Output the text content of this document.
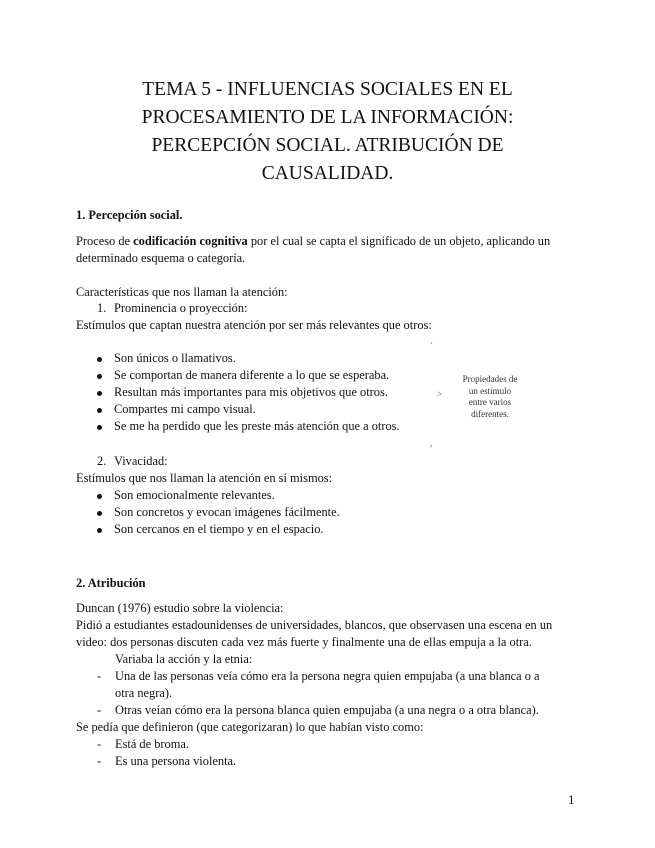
TEMA 5 - INFLUENCIAS SOCIALES EN EL
PROCESAMIENTO DE LA INFORMACIÓN:
PERCEPCIÓN SOCIAL. ATRIBUCIÓN DE
CAUSALIDAD.
1. Percepción social.
Proceso de codificación cognitiva por el cual se capta el significado de un objeto, aplicando un
determinado esquema o categoría.
Características que nos llaman la atención:
1. Prominencia o proyección:
Estímulos que captan nuestra atención por ser más relevantes que otros:
Son únicos o llamativos.
Se comportan de manera diferente a lo que se esperaba.
Resultan más importantes para mis objetivos que otros.
Compartes mi campo visual.
Se me ha perdido que les preste más atención que a otros.
`
>
,
Propiedades de
un estímulo
entre varios
diferentes.
2. Vivacidad:
Estímulos que nos llaman la atención en sí mismos:
Son emocionalmente relevantes.
Son concretos y evocan imágenes fácilmente.
Son cercanos en el tiempo y en el espacio.
2. Atribución
Duncan (1976) estudio sobre la violencia:
Pidió a estudiantes estadounidenses de universidades, blancos, que observasen una escena en un
video: dos personas discuten cada vez más fuerte y finalmente una de ellas empuja a la otra.
Variaba la acción y la etnia:
- Una de las personas veía cómo era la persona negra quien empujaba (a una blanca o a
otra negra).
- Otras veían cómo era la persona blanca quien empujaba (a una negra o a otra blanca).
Se pedía que definieron (que categorizaran) lo que habían visto como:
- Está de broma.
- Es una persona violenta.
1
